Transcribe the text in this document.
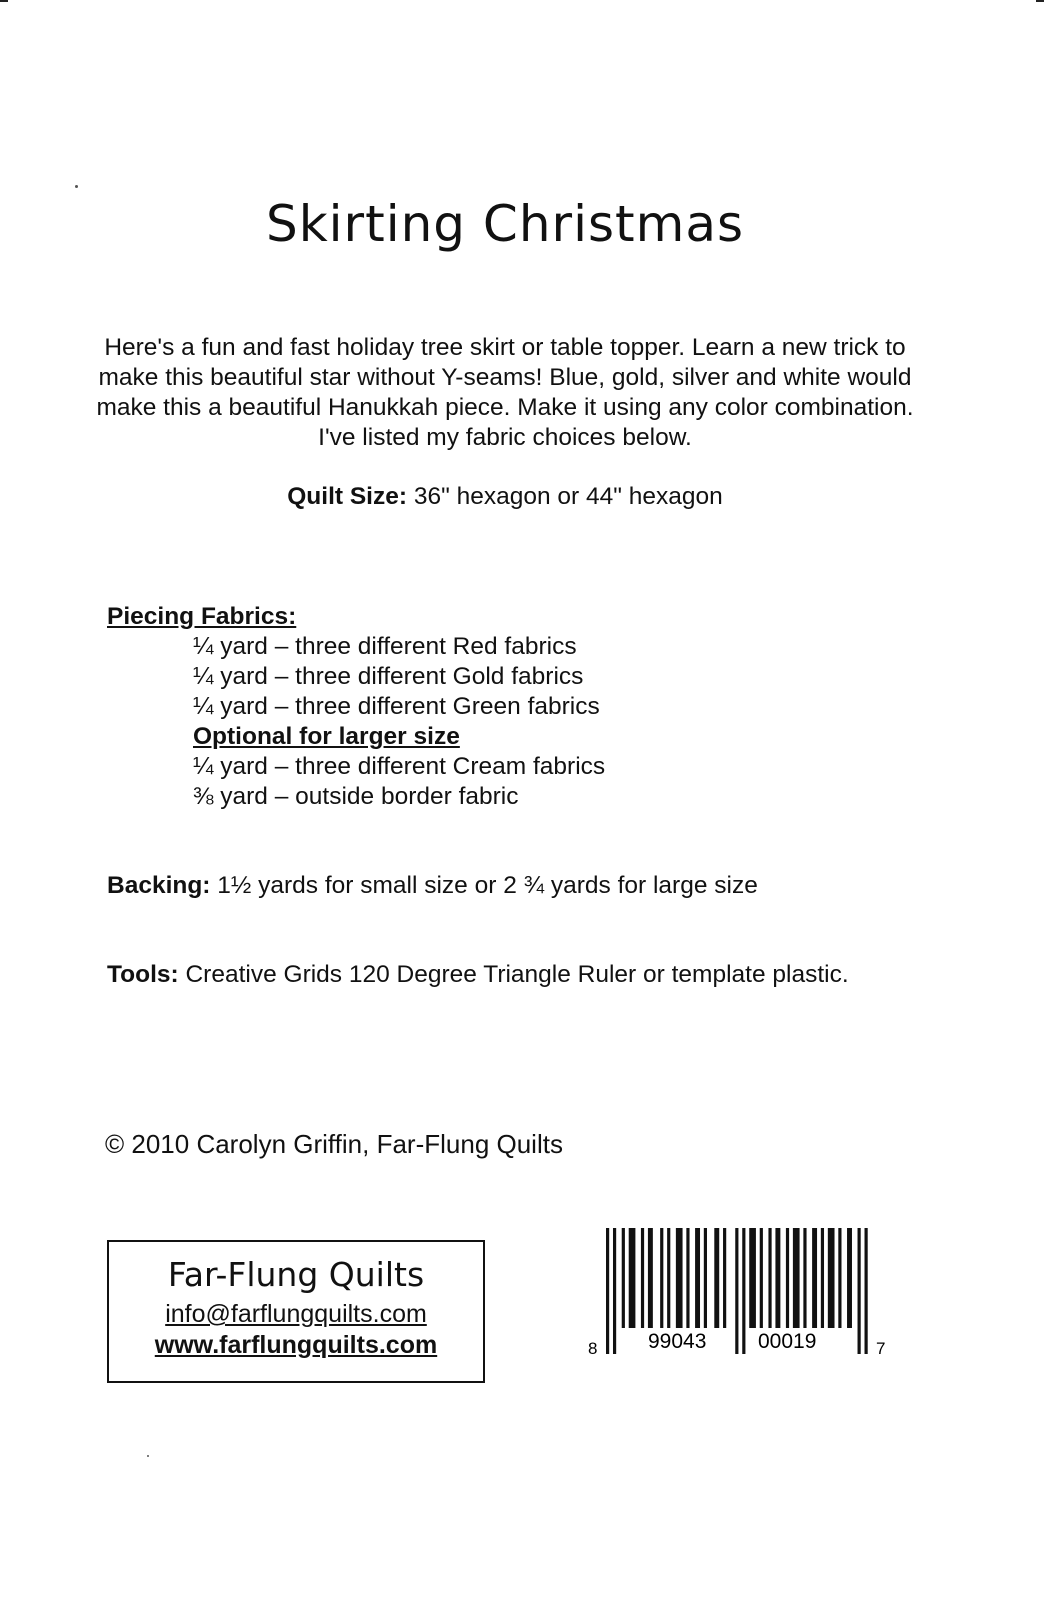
Skirting Christmas
Here's a fun and fast holiday tree skirt or table topper. Learn a new trick to make this beautiful star without Y-seams! Blue, gold, silver and white would make this a beautiful Hanukkah piece. Make it using any color combination. I've listed my fabric choices below.
Quilt Size: 36" hexagon or 44" hexagon
Piecing Fabrics:
¼ yard – three different Red fabrics
¼ yard – three different Gold fabrics
¼ yard – three different Green fabrics
Optional for larger size
¼ yard – three different Cream fabrics
⅜ yard – outside border fabric
Backing: 1½ yards for small size or 2 ¾ yards for large size
Tools: Creative Grids 120 Degree Triangle Ruler or template plastic.
© 2010 Carolyn Griffin, Far-Flung Quilts
Far-Flung Quilts
info@farflungquilts.com
www.farflungquilts.com	8 99043 00019	7
